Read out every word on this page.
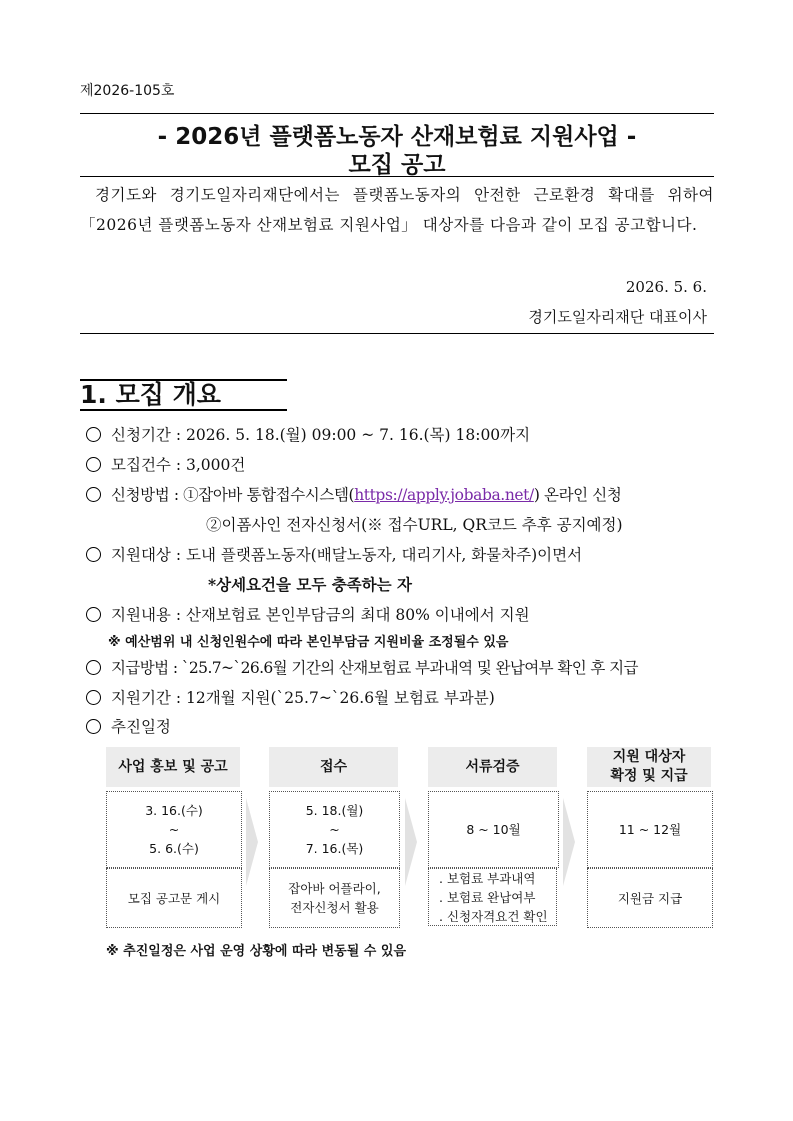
제2026-105호
- 2026년 플랫폼노동자 산재보험료 지원사업 -
모집 공고

경기도와 경기도일자리재단에서는 플랫폼노동자의 안전한 근로환경 확대를 위하여 「2026년 플랫폼노동자 산재보험료 지원사업」 대상자를 다음과 같이 모집 공고합니다.

2026. 5. 6.
경기도일자리재단 대표이사
1. 모집 개요
신청기간 : 2026. 5. 18.(월) 09:00 ~ 7. 16.(목) 18:00까지
모집건수 : 3,000건
신청방법 : ①잡아바 통합접수시스템(https://apply.jobaba.net/) 온라인 신청
②이폼사인 전자신청서(※ 접수URL, QR코드 추후 공지예정)
지원대상 : 도내 플랫폼노동자(배달노동자, 대리기사, 화물차주)이면서
*상세요건을 모두 충족하는 자
지원내용 : 산재보험료 본인부담금의 최대 80% 이내에서 지원
※ 예산범위 내 신청인원수에 따라 본인부담금 지원비율 조정될수 있음
지급방법 : `25.7~`26.6월 기간의 산재보험료 부과내역 및 완납여부 확인 후 지급
지원기간 : 12개월 지원(`25.7~`26.6월 보험료 부과분)
추진일정
사업 홍보 및 공고	접수	서류검증
지원 대상자
확정 및 지급
3. 16.(수)
~
5. 6.(수)
모집 공고문 게시
5. 18.(월)
~
7. 16.(목)
잡아바 어플라이,
전자신청서 활용
8 ~ 10월
. 보험료 부과내역
. 보험료 완납여부
. 신청자격요건 확인
11 ~ 12월
지원금 지급
※ 추진일정은 사업 운영 상황에 따라 변동될 수 있음
